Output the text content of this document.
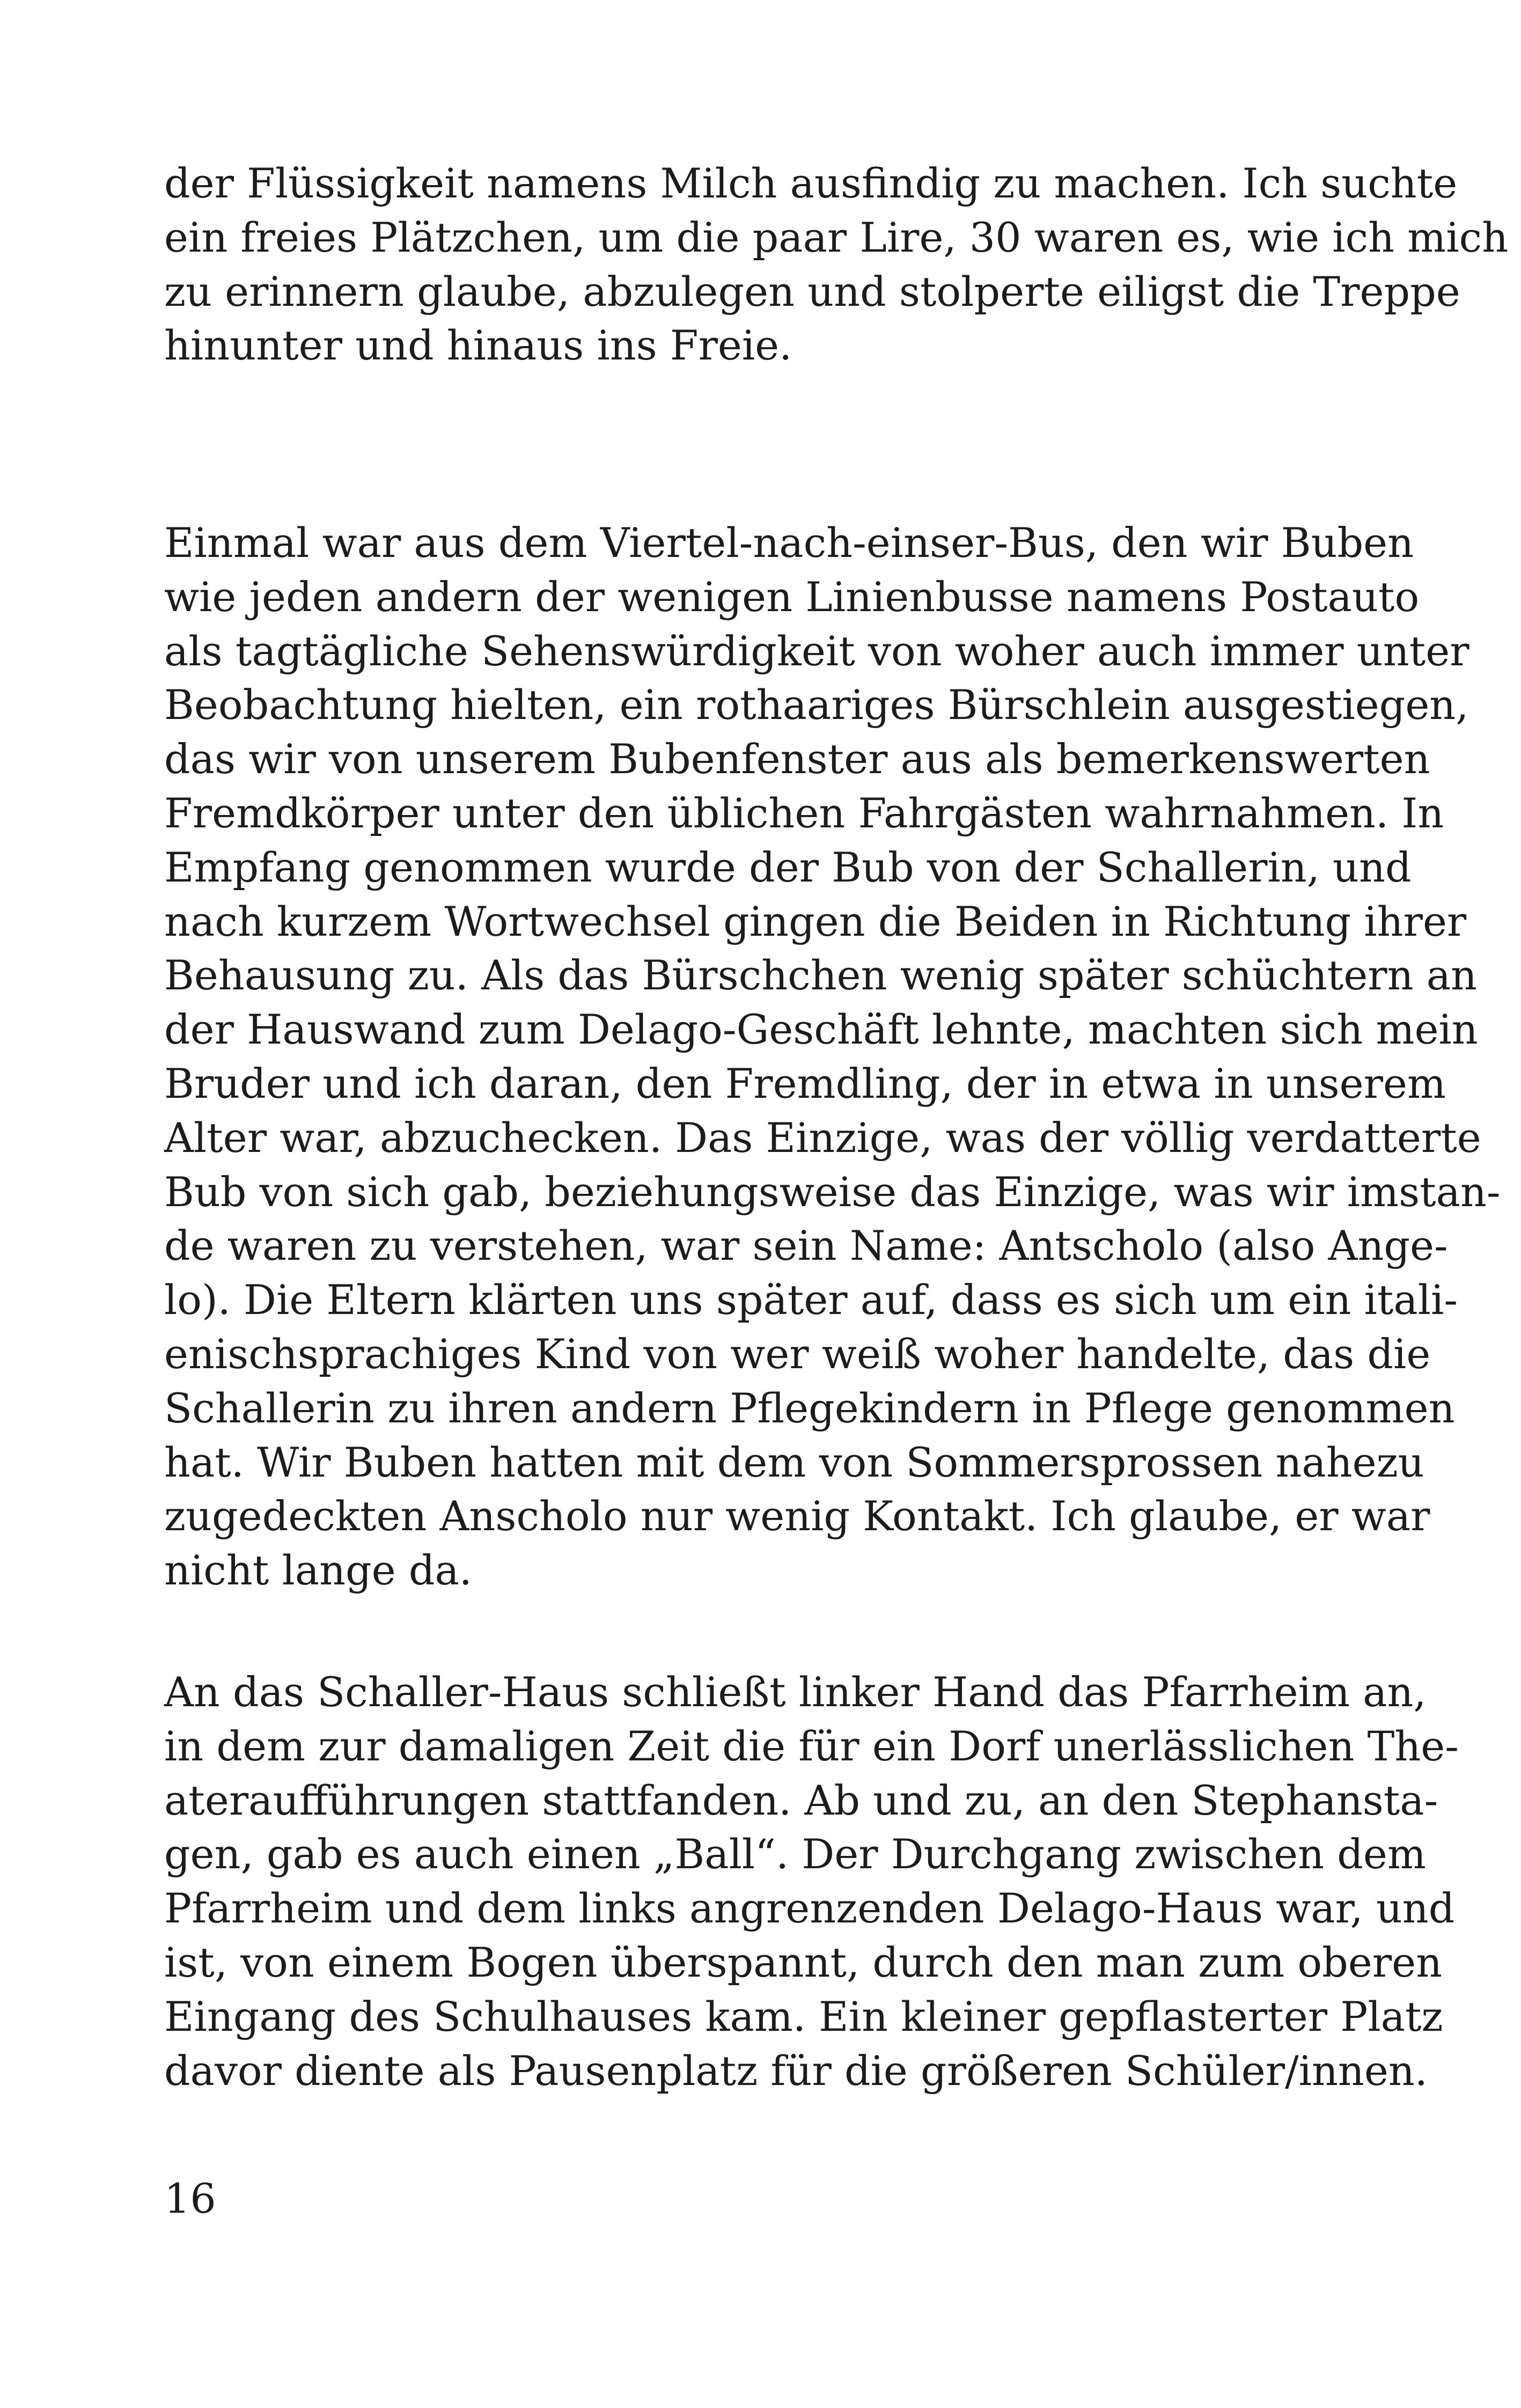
der Flüssigkeit namens Milch ausfindig zu machen. Ich suchte
ein freies Plätzchen, um die paar Lire, 30 waren es, wie ich mich
zu erinnern glaube, abzulegen und stolperte eiligst die Treppe
hinunter und hinaus ins Freie.
Einmal war aus dem Viertel-nach-einser-Bus, den wir Buben
wie jeden andern der wenigen Linienbusse namens Postauto
als tagtägliche Sehenswürdigkeit von woher auch immer unter
Beobachtung hielten, ein rothaariges Bürschlein ausgestiegen,
das wir von unserem Bubenfenster aus als bemerkenswerten
Fremdkörper unter den üblichen Fahrgästen wahrnahmen. In
Empfang genommen wurde der Bub von der Schallerin, und
nach kurzem Wortwechsel gingen die Beiden in Richtung ihrer
Behausung zu. Als das Bürschchen wenig später schüchtern an
der Hauswand zum Delago-Geschäft lehnte, machten sich mein
Bruder und ich daran, den Fremdling, der in etwa in unserem
Alter war, abzuchecken. Das Einzige, was der völlig verdatterte
Bub von sich gab, beziehungsweise das Einzige, was wir imstan-
de waren zu verstehen, war sein Name: Antscholo (also Ange-
lo). Die Eltern klärten uns später auf, dass es sich um ein itali-
enischsprachiges Kind von wer weiß woher handelte, das die
Schallerin zu ihren andern Pflegekindern in Pflege genommen
hat. Wir Buben hatten mit dem von Sommersprossen nahezu
zugedeckten Anscholo nur wenig Kontakt. Ich glaube, er war
nicht lange da.
An das Schaller-Haus schließt linker Hand das Pfarrheim an,
in dem zur damaligen Zeit die für ein Dorf unerlässlichen The-
ateraufführungen stattfanden. Ab und zu, an den Stephansta-
gen, gab es auch einen „Ball“. Der Durchgang zwischen dem
Pfarrheim und dem links angrenzenden Delago-Haus war, und
ist, von einem Bogen überspannt, durch den man zum oberen
Eingang des Schulhauses kam. Ein kleiner gepflasterter Platz
davor diente als Pausenplatz für die größeren Schüler/innen.
16
